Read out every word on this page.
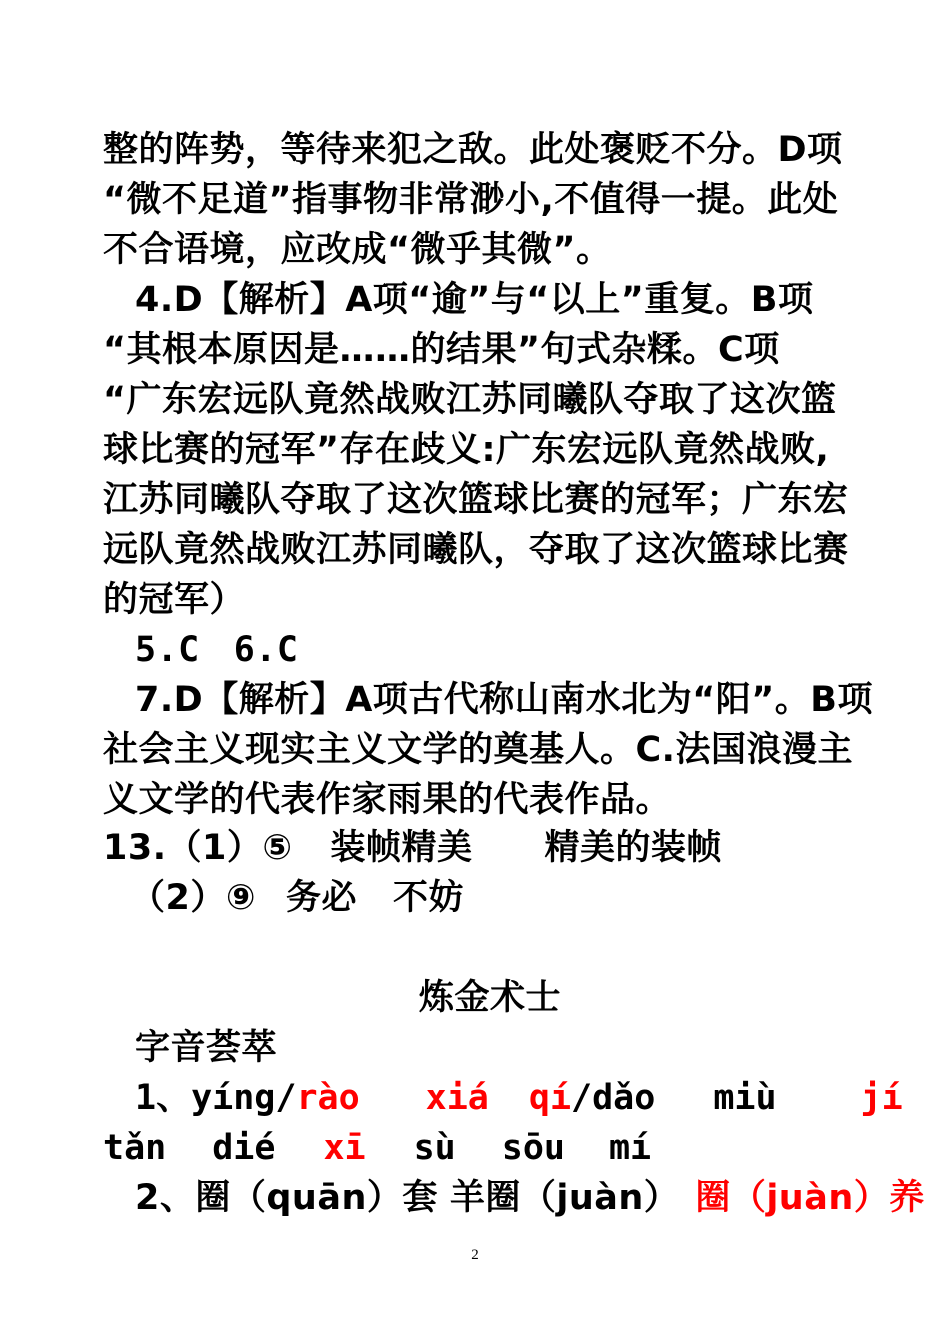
整的阵势，等待来犯之敌。此处褒贬不分。D项
“微不足道”指事物非常渺小,不值得一提。此处
不合语境，应改成“微乎其微”。
4.D【解析】A项“逾”与“以上”重复。B项
“其根本原因是……的结果”句式杂糅。C项
“广东宏远队竟然战败江苏同曦队夺取了这次篮
球比赛的冠军”存在歧义:广东宏远队竟然战败,
江苏同曦队夺取了这次篮球比赛的冠军；广东宏
远队竟然战败江苏同曦队，夺取了这次篮球比赛
的冠军）
5.C 6.C
7.D【解析】A项古代称山南水北为“阳”。B项
社会主义现实主义文学的奠基人。C.法国浪漫主
义文学的代表作家雨果的代表作品。
13.（1）⑤ 装帧精美 精美的装帧
（2）⑨ 务必 不妨
炼金术士
字音荟萃
1、yíng/rào xiá qí/dǎo miù jí
tǎn dié xī sù sōu mí
2、圈（quān）套 羊圈（juàn） 圈（juàn）养
2
